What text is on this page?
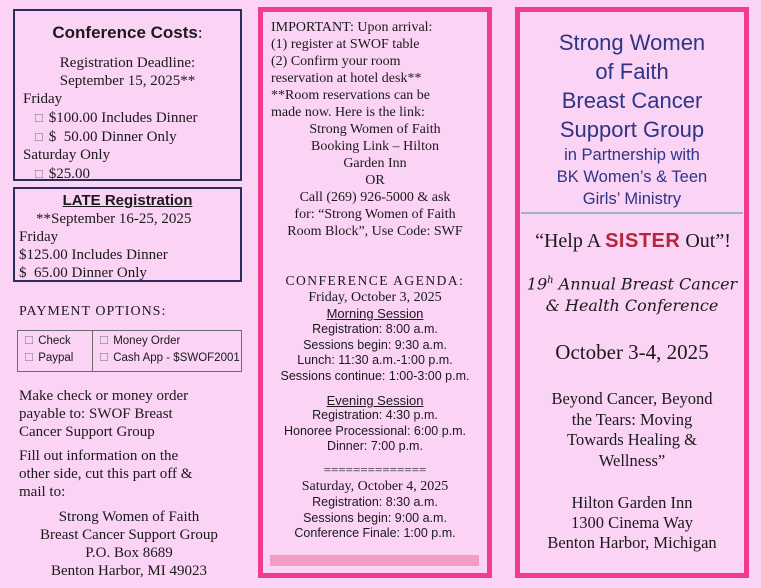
Conference Costs:
Registration Deadline:
September 15, 2025**
Friday
☐ $100.00 Includes Dinner
☐ $  50.00 Dinner Only
Saturday Only
☐ $25.00
LATE Registration
**September 16-25, 2025
Friday
$125.00 Includes Dinner
$  65.00 Dinner Only
PAYMENT OPTIONS:
☐ Check
☐ Paypal
☐ Money Order
☐ Cash App - $SWOF2001
Make check or money order
payable to: SWOF Breast
Cancer Support Group
Fill out information on the
other side, cut this part off &
mail to:
Strong Women of Faith
Breast Cancer Support Group
P.O. Box 8689
Benton Harbor, MI 49023
IMPORTANT: Upon arrival:
(1) register at SWOF table
(2) Confirm your room
reservation at hotel desk**
**Room reservations can be
made now. Here is the link:
Strong Women of Faith
Booking Link – Hilton
Garden Inn
OR
Call (269) 926-5000 & ask
for: “Strong Women of Faith
Room Block”, Use Code: SWF
CONFERENCE AGENDA:
Friday, October 3, 2025
Morning Session
Registration: 8:00 a.m.
Sessions begin: 9:30 a.m.
Lunch: 11:30 a.m.-1:00 p.m.
Sessions continue: 1:00-3:00 p.m.
Evening Session
Registration: 4:30 p.m.
Honoree Processional: 6:00 p.m.
Dinner: 7:00 p.m.
==============
Saturday, October 4, 2025
Registration: 8:30 a.m.
Sessions begin: 9:00 a.m.
Conference Finale: 1:00 p.m.
Strong Women
of Faith
Breast Cancer
Support Group
in Partnership with
BK Women’s & Teen
Girls’ Ministry
“Help A SISTER Out”!
19$^h$ Annual Breast Cancer
& Health Conference
October 3-4, 2025
Beyond Cancer, Beyond
the Tears: Moving
Towards Healing &
Wellness”
Hilton Garden Inn
1300 Cinema Way
Benton Harbor, Michigan
